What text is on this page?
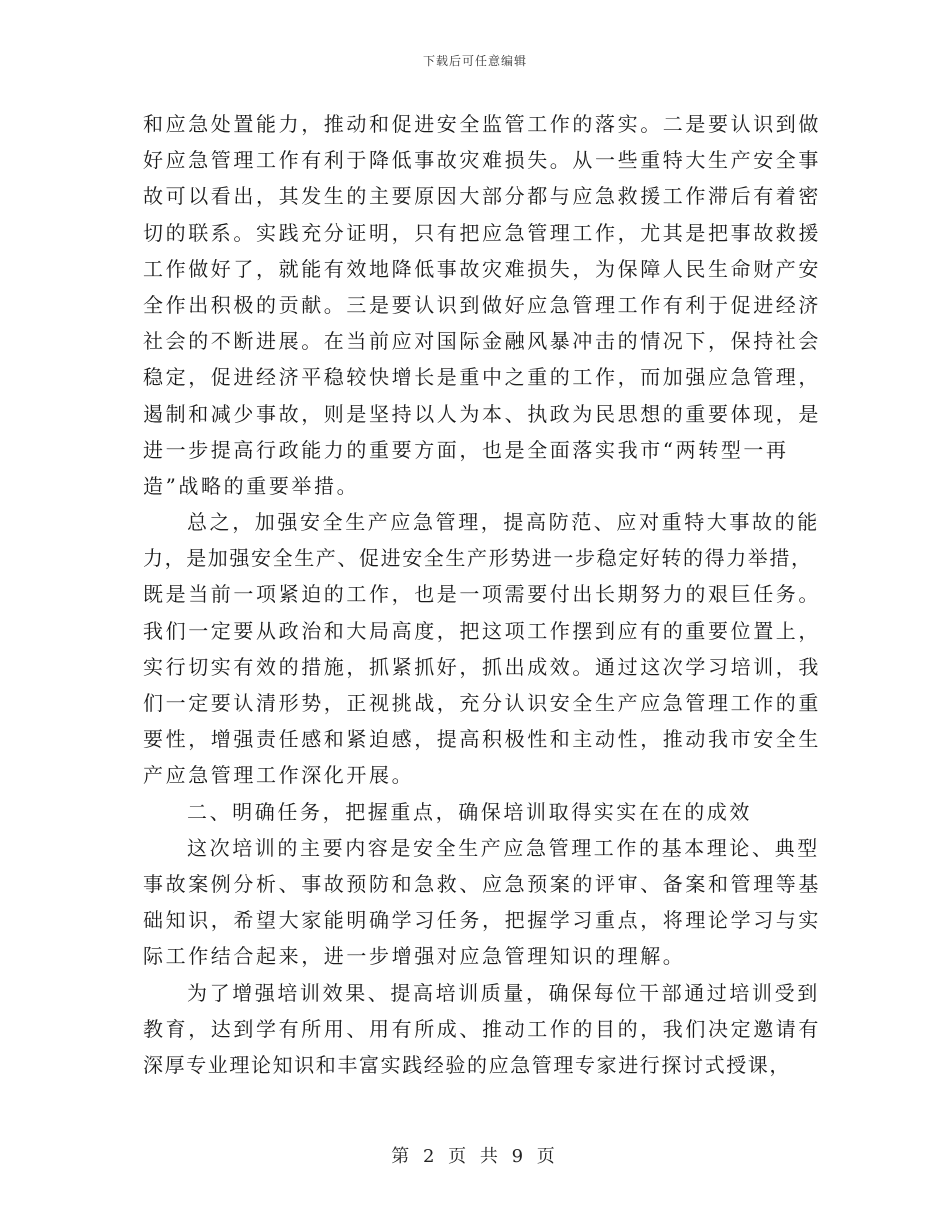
下载后可任意编辑
和应急处置能力，推动和促进安全监管工作的落实。二是要认识到做
好应急管理工作有利于降低事故灾难损失。从一些重特大生产安全事
故可以看出，其发生的主要原因大部分都与应急救援工作滞后有着密
切的联系。实践充分证明，只有把应急管理工作，尤其是把事故救援
工作做好了，就能有效地降低事故灾难损失，为保障人民生命财产安
全作出积极的贡献。三是要认识到做好应急管理工作有利于促进经济
社会的不断进展。在当前应对国际金融风暴冲击的情况下，保持社会
稳定，促进经济平稳较快增长是重中之重的工作，而加强应急管理，
遏制和减少事故，则是坚持以人为本、执政为民思想的重要体现，是
进一步提高行政能力的重要方面，也是全面落实我市“两转型一再
造”战略的重要举措。
总之，加强安全生产应急管理，提高防范、应对重特大事故的能
力，是加强安全生产、促进安全生产形势进一步稳定好转的得力举措，
既是当前一项紧迫的工作，也是一项需要付出长期努力的艰巨任务。
我们一定要从政治和大局高度，把这项工作摆到应有的重要位置上，
实行切实有效的措施，抓紧抓好，抓出成效。通过这次学习培训，我
们一定要认清形势，正视挑战，充分认识安全生产应急管理工作的重
要性，增强责任感和紧迫感，提高积极性和主动性，推动我市安全生
产应急管理工作深化开展。
二、明确任务，把握重点，确保培训取得实实在在的成效
这次培训的主要内容是安全生产应急管理工作的基本理论、典型
事故案例分析、事故预防和急救、应急预案的评审、备案和管理等基
础知识，希望大家能明确学习任务，把握学习重点，将理论学习与实
际工作结合起来，进一步增强对应急管理知识的理解。
为了增强培训效果、提高培训质量，确保每位干部通过培训受到
教育，达到学有所用、用有所成、推动工作的目的，我们决定邀请有
深厚专业理论知识和丰富实践经验的应急管理专家进行探讨式授课，
第 2 页 共 9 页
